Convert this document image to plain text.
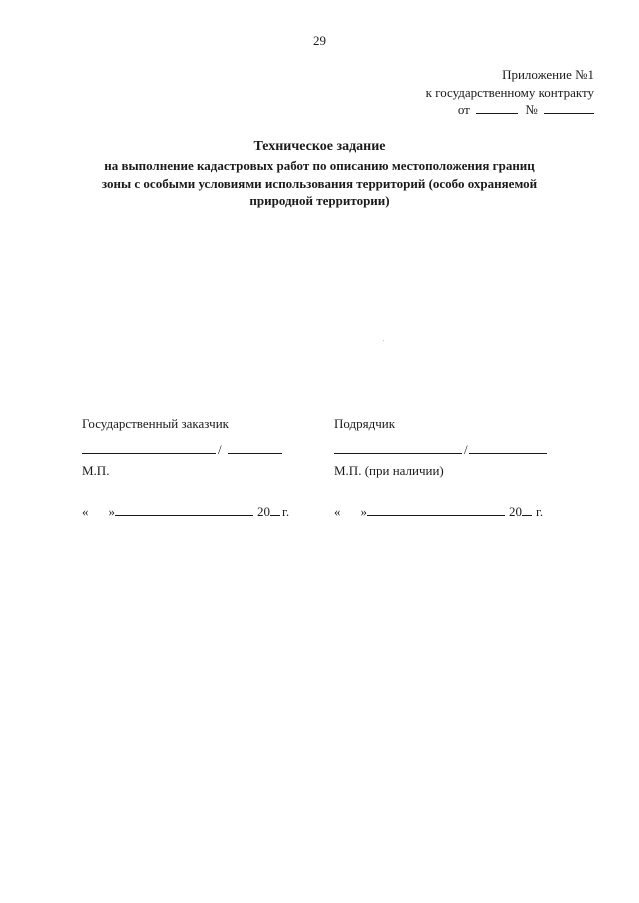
29
Приложение №1
к государственному контракту
от	№
Техническое задание
на выполнение кадастровых работ по описанию местоположения границ
зоны с особыми условиями использования территорий (особо охраняемой
природной территории)
Государственный заказчик
/
М.П.
« »	20 г.
Подрядчик
/
М.П. (при наличии)
« »	20 г.
